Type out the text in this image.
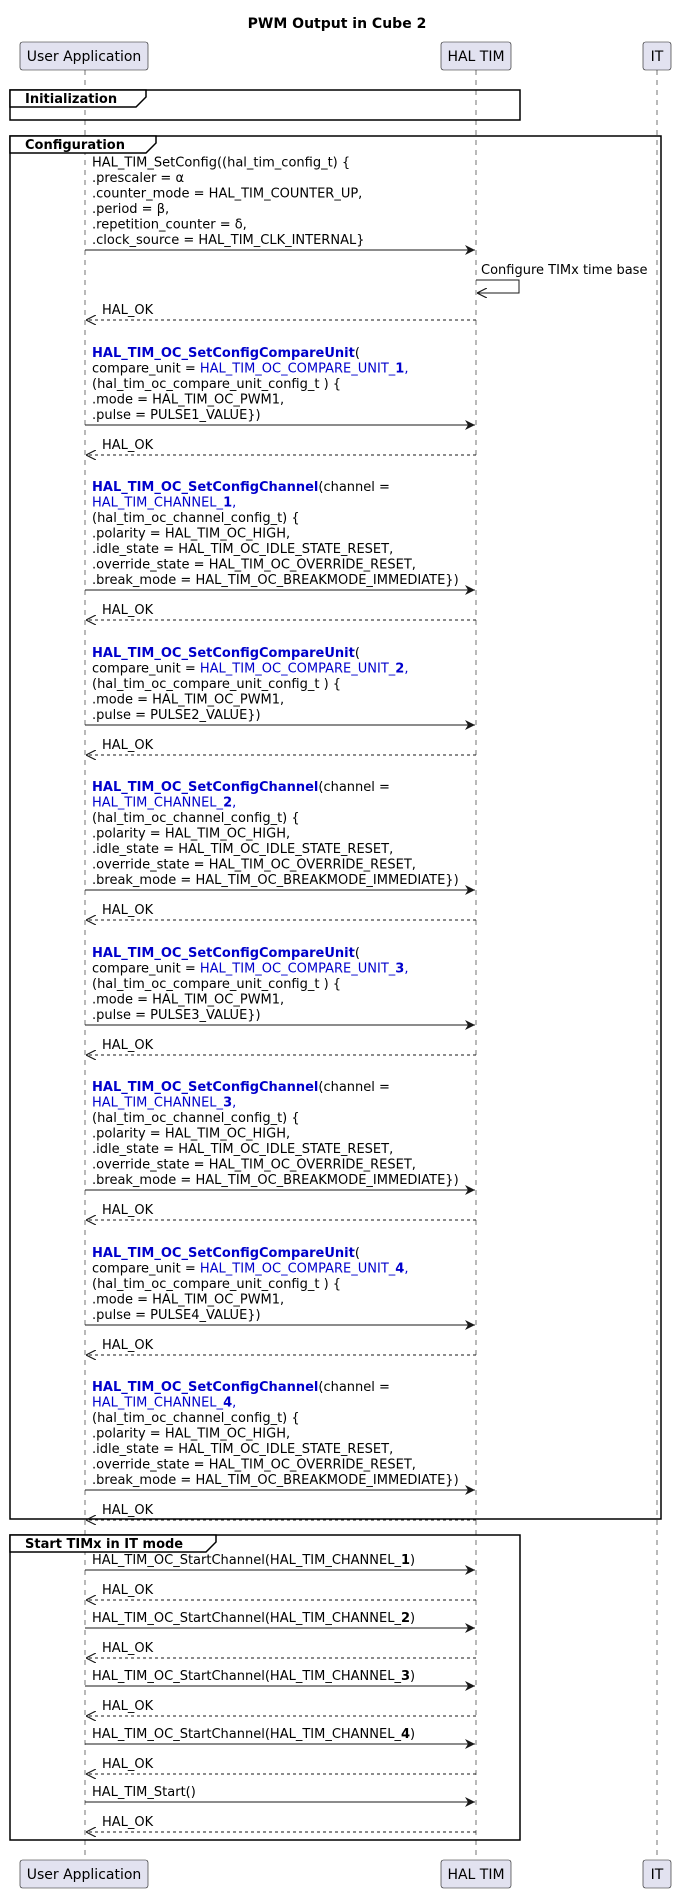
PWM Output in Cube 2
User Application	HAL TIM	IT
User Application	HAL TIM	IT
Initialization
Configuration
Start TIMx in IT mode
HAL_TIM_SetConfig((hal_tim_config_t) {
.prescaler = α
.counter_mode = HAL_TIM_COUNTER_UP,
.period = β,
.repetition_counter = δ,
.clock_source = HAL_TIM_CLK_INTERNAL}
Configure TIMx time base
HAL_OK
HAL_TIM_OC_SetConfigCompareUnit(
compare_unit = HAL_TIM_OC_COMPARE_UNIT_1,
(hal_tim_oc_compare_unit_config_t ) {
.mode = HAL_TIM_OC_PWM1,
.pulse = PULSE1_VALUE})
HAL_OK
HAL_TIM_OC_SetConfigChannel(channel =
HAL_TIM_CHANNEL_1,
(hal_tim_oc_channel_config_t) {
.polarity = HAL_TIM_OC_HIGH,
.idle_state = HAL_TIM_OC_IDLE_STATE_RESET,
.override_state = HAL_TIM_OC_OVERRIDE_RESET,
.break_mode = HAL_TIM_OC_BREAKMODE_IMMEDIATE})
HAL_OK
HAL_TIM_OC_SetConfigCompareUnit(
compare_unit = HAL_TIM_OC_COMPARE_UNIT_2,
(hal_tim_oc_compare_unit_config_t ) {
.mode = HAL_TIM_OC_PWM1,
.pulse = PULSE2_VALUE})
HAL_OK
HAL_TIM_OC_SetConfigChannel(channel =
HAL_TIM_CHANNEL_2,
(hal_tim_oc_channel_config_t) {
.polarity = HAL_TIM_OC_HIGH,
.idle_state = HAL_TIM_OC_IDLE_STATE_RESET,
.override_state = HAL_TIM_OC_OVERRIDE_RESET,
.break_mode = HAL_TIM_OC_BREAKMODE_IMMEDIATE})
HAL_OK
HAL_TIM_OC_SetConfigCompareUnit(
compare_unit = HAL_TIM_OC_COMPARE_UNIT_3,
(hal_tim_oc_compare_unit_config_t ) {
.mode = HAL_TIM_OC_PWM1,
.pulse = PULSE3_VALUE})
HAL_OK
HAL_TIM_OC_SetConfigChannel(channel =
HAL_TIM_CHANNEL_3,
(hal_tim_oc_channel_config_t) {
.polarity = HAL_TIM_OC_HIGH,
.idle_state = HAL_TIM_OC_IDLE_STATE_RESET,
.override_state = HAL_TIM_OC_OVERRIDE_RESET,
.break_mode = HAL_TIM_OC_BREAKMODE_IMMEDIATE})
HAL_OK
HAL_TIM_OC_SetConfigCompareUnit(
compare_unit = HAL_TIM_OC_COMPARE_UNIT_4,
(hal_tim_oc_compare_unit_config_t ) {
.mode = HAL_TIM_OC_PWM1,
.pulse = PULSE4_VALUE})
HAL_OK
HAL_TIM_OC_SetConfigChannel(channel =
HAL_TIM_CHANNEL_4,
(hal_tim_oc_channel_config_t) {
.polarity = HAL_TIM_OC_HIGH,
.idle_state = HAL_TIM_OC_IDLE_STATE_RESET,
.override_state = HAL_TIM_OC_OVERRIDE_RESET,
.break_mode = HAL_TIM_OC_BREAKMODE_IMMEDIATE})
HAL_OK
HAL_TIM_OC_StartChannel(HAL_TIM_CHANNEL_1)
HAL_OK
HAL_TIM_OC_StartChannel(HAL_TIM_CHANNEL_2)
HAL_OK
HAL_TIM_OC_StartChannel(HAL_TIM_CHANNEL_3)
HAL_OK
HAL_TIM_OC_StartChannel(HAL_TIM_CHANNEL_4)
HAL_OK
HAL_TIM_Start()
HAL_OK
